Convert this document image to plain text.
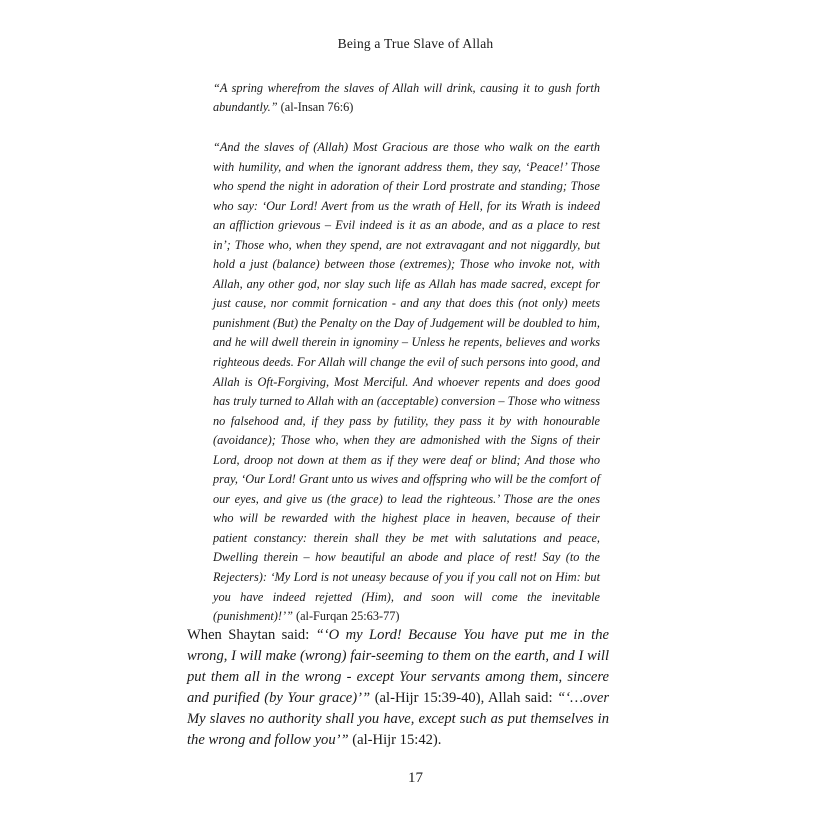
Being a True Slave of Allah

“A spring wherefrom the slaves of Allah will drink, causing it to gush forth abundantly.” (al-Insan 76:6)

“And the slaves of (Allah) Most Gracious are those who walk on the earth with humility, and when the ignorant address them, they say, ‘Peace!’ Those who spend the night in adoration of their Lord prostrate and standing; Those who say: ‘Our Lord! Avert from us the wrath of Hell, for its Wrath is indeed an affliction grievous – Evil indeed is it as an abode, and as a place to rest in’; Those who, when they spend, are not extravagant and not niggardly, but hold a just (balance) between those (extremes); Those who invoke not, with Allah, any other god, nor slay such life as Allah has made sacred, except for just cause, nor commit fornication - and any that does this (not only) meets punishment (But) the Penalty on the Day of Judgement will be doubled to him, and he will dwell therein in ignominy – Unless he repents, believes and works righteous deeds. For Allah will change the evil of such persons into good, and Allah is Oft-Forgiving, Most Merciful. And whoever repents and does good has truly turned to Allah with an (acceptable) conversion – Those who witness no falsehood and, if they pass by futility, they pass it by with honourable (avoidance); Those who, when they are admonished with the Signs of their Lord, droop not down at them as if they were deaf or blind; And those who pray, ‘Our Lord! Grant unto us wives and offspring who will be the comfort of our eyes, and give us (the grace) to lead the righteous.’ Those are the ones who will be rewarded with the highest place in heaven, because of their patient constancy: therein shall they be met with salutations and peace, Dwelling therein – how beautiful an abode and place of rest! Say (to the Rejecters): ‘My Lord is not uneasy because of you if you call not on Him: but you have indeed rejetted (Him), and soon will come the inevitable (punishment)!’” (al-Furqan 25:63-77)

When Shaytan said: “‘O my Lord! Because You have put me in the wrong, I will make (wrong) fair-seeming to them on the earth, and I will put them all in the wrong - except Your servants among them, sincere and purified (by Your grace)’” (al-Hijr 15:39-40), Allah said: “‘…over My slaves no authority shall you have, except such as put themselves in the wrong and follow you’” (al-Hijr 15:42).

17
